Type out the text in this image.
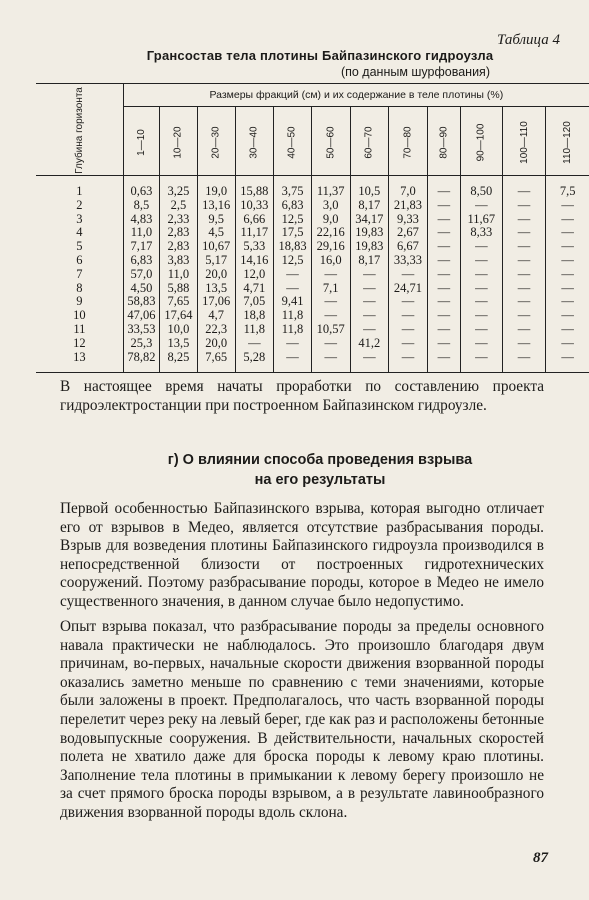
Таблица 4
Грансостав тела плотины Байпазинского гидроузла
(по данным шурфования)
Глубина горизонта	Размеры фракций (см) и их содержание в теле плотины (%)											
	1—10	10—20	20—30	30—40	40—50	50—60	60—70	70—80	80—90	90—100	100—110	110—120
1	0,63	3,25	19,0	15,88	3,75	11,37	10,5	7,0	—	8,50	—	7,5
2	8,5	2,5	13,16	10,33	6,83	3,0	8,17	21,83	—	—	—	—
3	4,83	2,33	9,5	6,66	12,5	9,0	34,17	9,33	—	11,67	—	—
4	11,0	2,83	4,5	11,17	17,5	22,16	19,83	2,67	—	8,33	—	—
5	7,17	2,83	10,67	5,33	18,83	29,16	19,83	6,67	—	—	—	—
6	6,83	3,83	5,17	14,16	12,5	16,0	8,17	33,33	—	—	—	—
7	57,0	11,0	20,0	12,0	—	—	—	—	—	—	—	—
8	4,50	5,88	13,5	4,71	—	7,1	—	24,71	—	—	—	—
9	58,83	7,65	17,06	7,05	9,41	—	—	—	—	—	—	—
10	47,06	17,64	4,7	18,8	11,8	—	—	—	—	—	—	—
11	33,53	10,0	22,3	11,8	11,8	10,57	—	—	—	—	—	—
12	25,3	13,5	20,0	—	—	—	41,2	—	—	—	—	—
13	78,82	8,25	7,65	5,28	—	—	—	—	—	—	—	—

В настоящее время начаты проработки по составлению проекта гидроэлектростанции при построенном Байпазинском гидроузле.

г) О влиянии способа проведения взрыва
на его результаты

Первой особенностью Байпазинского взрыва, которая выгодно отличает его от взрывов в Медео, является отсутствие разбрасывания породы. Взрыв для возведения плотины Байпазинского гидроузла производился в непосредственной близости от построенных гидротехнических сооружений. Поэтому разбрасывание породы, которое в Медео не имело существенного значения, в данном случае было недопустимо.

Опыт взрыва показал, что разбрасывание породы за пределы основного навала практически не наблюдалось. Это произошло благодаря двум причинам, во-первых, начальные скорости движения взорванной породы оказались заметно меньше по сравнению с теми значениями, которые были заложены в проект. Предполагалось, что часть взорванной породы перелетит через реку на левый берег, где как раз и расположены бетонные водовыпускные сооружения. В действительности, начальных скоростей полета не хватило даже для броска породы к левому краю плотины. Заполнение тела плотины в примыкании к левому берегу произошло не за счет прямого броска породы взрывом, а в результате лавинообразного движения взорванной породы вдоль склона.

87
